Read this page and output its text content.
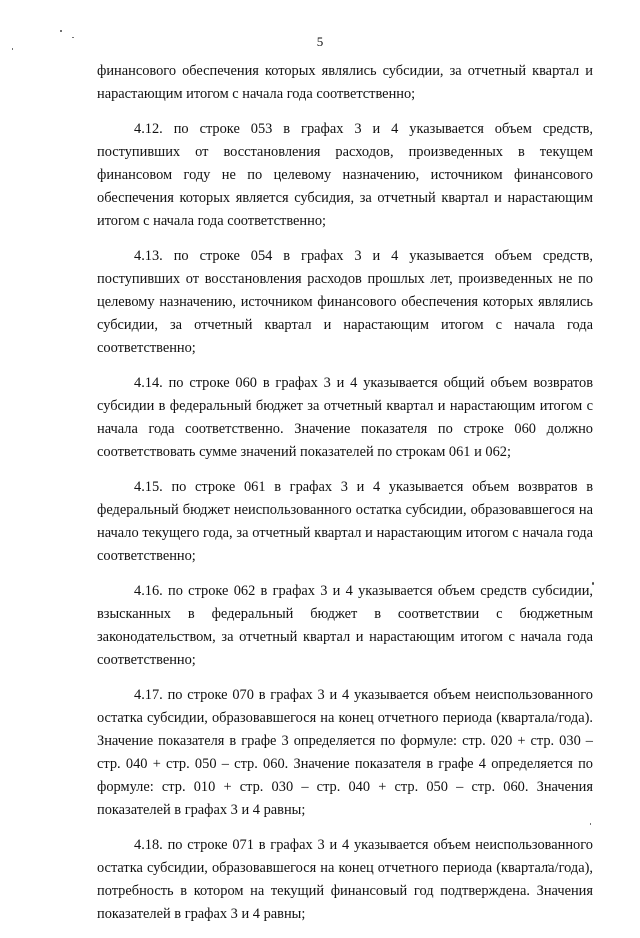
5

финансового обеспечения которых являлись субсидии, за отчетный квартал и нарастающим итогом с начала года соответственно;

4.12. по строке 053 в графах 3 и 4 указывается объем средств, поступивших от восстановления расходов, произведенных в текущем финансовом году не по целевому назначению, источником финансового обеспечения которых является субсидия, за отчетный квартал и нарастающим итогом с начала года соответственно;

4.13. по строке 054 в графах 3 и 4 указывается объем средств, поступивших от восстановления расходов прошлых лет, произведенных не по целевому назначению, источником финансового обеспечения которых являлись субсидии, за отчетный квартал и нарастающим итогом с начала года соответственно;

4.14. по строке 060 в графах 3 и 4 указывается общий объем возвратов субсидии в федеральный бюджет за отчетный квартал и нарастающим итогом с начала года соответственно. Значение показателя по строке 060 должно соответствовать сумме значений показателей по строкам 061 и 062;

4.15. по строке 061 в графах 3 и 4 указывается объем возвратов в федеральный бюджет неиспользованного остатка субсидии, образовавшегося на начало текущего года, за отчетный квартал и нарастающим итогом с начала года соответственно;

4.16. по строке 062 в графах 3 и 4 указывается объем средств субсидии, взысканных в федеральный бюджет в соответствии с бюджетным законодательством, за отчетный квартал и нарастающим итогом с начала года соответственно;

4.17. по строке 070 в графах 3 и 4 указывается объем неиспользованного остатка субсидии, образовавшегося на конец отчетного периода (квартала/года). Значение показателя в графе 3 определяется по формуле: стр. 020 + стр. 030 – стр. 040 + стр. 050 – стр. 060. Значение показателя в графе 4 определяется по формуле: стр. 010 + стр. 030 – стр. 040 + стр. 050 – стр. 060. Значения показателей в графах 3 и 4 равны;

4.18. по строке 071 в графах 3 и 4 указывается объем неиспользованного остатка субсидии, образовавшегося на конец отчетного периода (квартала/года), потребность в котором на текущий финансовый год подтверждена. Значения показателей в графах 3 и 4 равны;
